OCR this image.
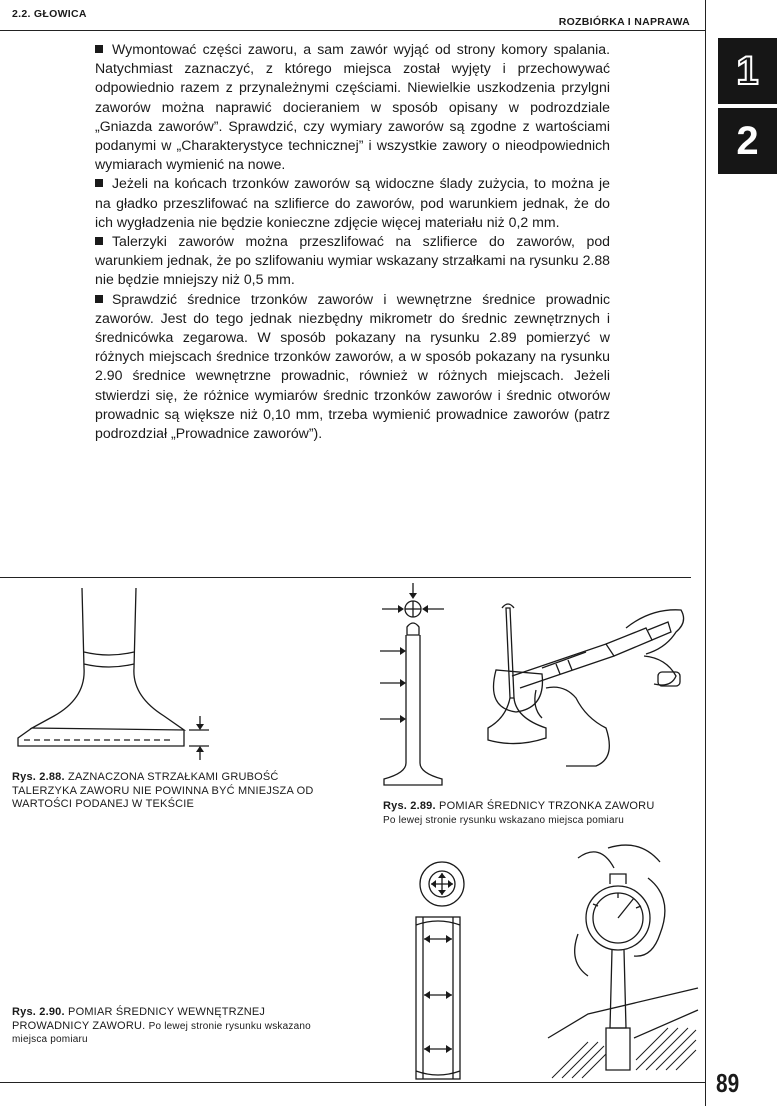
2.2. GŁOWICA
ROZBIÓRKA I NAPRAWA
1
2

Wymontować części zaworu, a sam zawór wyjąć od strony komory spalania. Natychmiast zaznaczyć, z którego miejsca został wyjęty i przechowywać odpowiednio razem z przynależnymi częściami. Niewielkie uszkodzenia przylgni zaworów można naprawić docieraniem w sposób opisany w podrozdziale „Gniazda zaworów”. Sprawdzić, czy wymiary zaworów są zgodne z wartościami podanymi w „Charakterystyce technicznej” i wszystkie zawory o nieodpowiednich wymiarach wymienić na nowe.

Jeżeli na końcach trzonków zaworów są widoczne ślady zużycia, to można je na gładko przeszlifować na szlifierce do zaworów, pod warunkiem jednak, że do ich wygładzenia nie będzie konieczne zdjęcie więcej materiału niż 0,2 mm.

Talerzyki zaworów można przeszlifować na szlifierce do zaworów, pod warunkiem jednak, że po szlifowaniu wymiar wskazany strzałkami na rysunku 2.88 nie będzie mniejszy niż 0,5 mm.

Sprawdzić średnice trzonków zaworów i wewnętrzne średnice prowadnic zaworów. Jest do tego jednak niezbędny mikrometr do średnic zewnętrznych i średnicówka zegarowa. W sposób pokazany na rysunku 2.89 pomierzyć w różnych miejscach średnice trzonków zaworów, a w sposób pokazany na rysunku 2.90 średnice wewnętrzne prowadnic, również w różnych miejscach. Jeżeli stwierdzi się, że różnice wymiarów średnic trzonków zaworów i średnic otworów prowadnic są większe niż 0,10 mm, trzeba wymienić prowadnice zaworów (patrz podrozdział „Prowadnice zaworów”).

Rys. 2.88. ZAZNACZONA STRZAŁKAMI GRUBOŚĆ TALERZYKA ZAWORU NIE POWINNA BYĆ MNIEJSZA OD WARTOŚCI PODANEJ W TEKŚCIE	Rys. 2.89. POMIAR ŚREDNICY TRZONKA ZAWORU
Po lewej stronie rysunku wskazano miejsca pomiaru
Rys. 2.90. POMIAR ŚREDNICY WEWNĘTRZNEJ PROWADNICY ZAWORU. Po lewej stronie rysunku wskazano miejsca pomiaru
89
